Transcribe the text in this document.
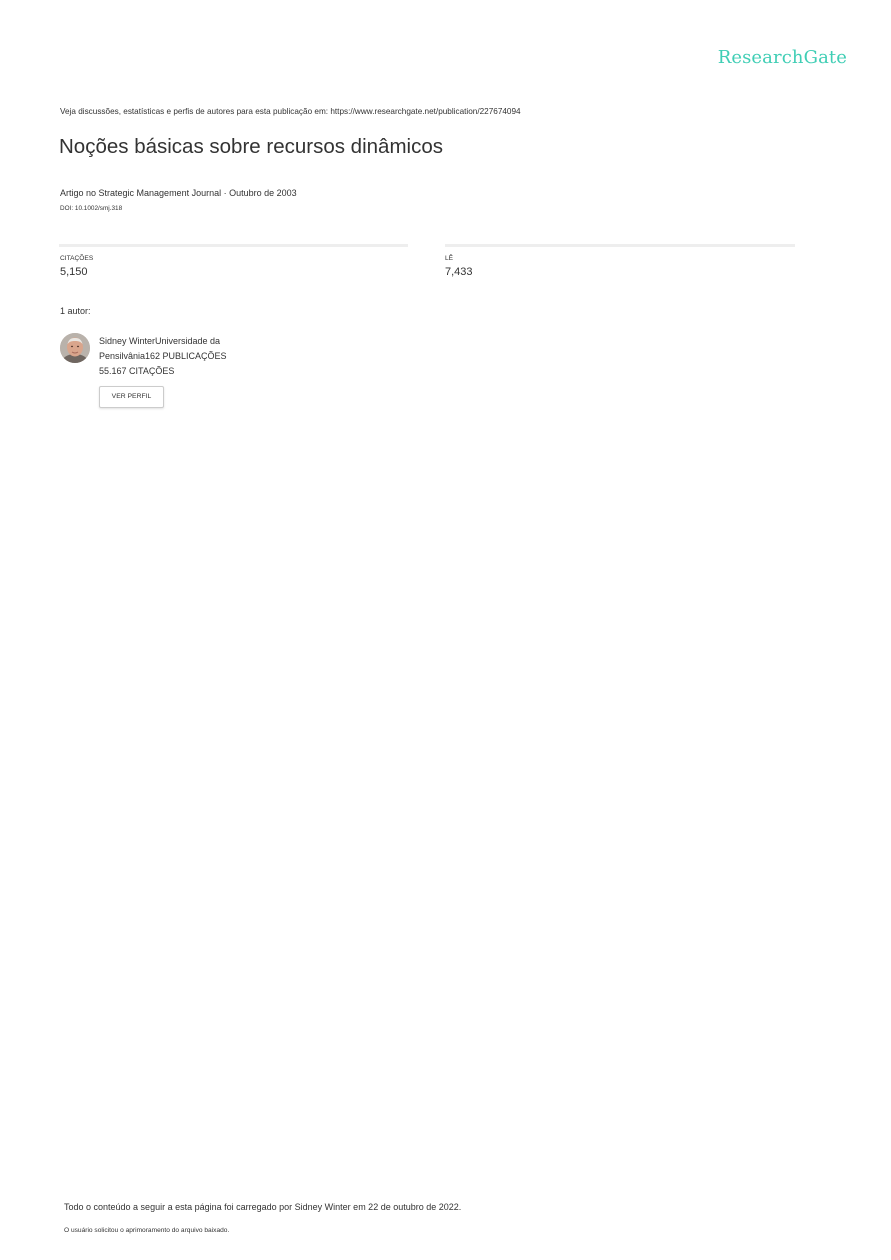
ResearchGate
Veja discussões, estatísticas e perfis de autores para esta publicação em: https://www.researchgate.net/publication/227674094
Noções básicas sobre recursos dinâmicos
Artigo no Strategic Management Journal · Outubro de 2003
DOI: 10.1002/smj.318
CITAÇÕES
5,150
LÊ
7,433
1 autor:
Sidney WinterUniversidade da
Pensilvânia162 PUBLICAÇÕES
55.167 CITAÇÕES
VER PERFIL
Todo o conteúdo a seguir a esta página foi carregado por Sidney Winter em 22 de outubro de 2022.
O usuário solicitou o aprimoramento do arquivo baixado.
